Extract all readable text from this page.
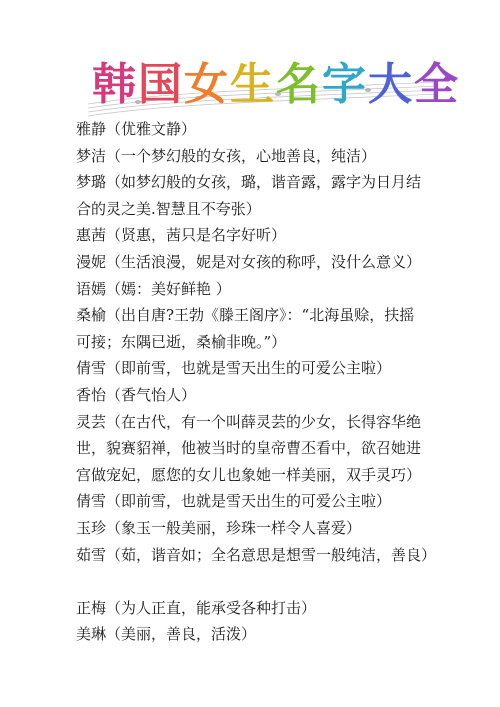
韩 国 女 生 名 字 大 全
雅静（优雅文静）
梦洁（一个梦幻般的女孩，心地善良，纯洁）
梦璐（如梦幻般的女孩，璐，谐音露，露字为日月结
合的灵之美.智慧且不夸张）
惠茜（贤惠，茜只是名字好听）
漫妮（生活浪漫，妮是对女孩的称呼，没什么意义）
语嫣（嫣：美好鲜艳 ）
桑榆（出自唐?王勃《滕王阁序》：“北海虽赊，扶摇
可接；东隅已逝，桑榆非晚。”）
倩雪（即前雪，也就是雪天出生的可爱公主啦）
香怡（香气怡人）
灵芸（在古代，有一个叫薛灵芸的少女，长得容华绝
世，貌赛貂禅，他被当时的皇帝曹丕看中，欲召她进
宫做宠妃，愿您的女儿也象她一样美丽，双手灵巧）
倩雪（即前雪，也就是雪天出生的可爱公主啦）
玉珍（象玉一般美丽，珍珠一样令人喜爱）
茹雪（茹，谐音如；全名意思是想雪一般纯洁，善良）
正梅（为人正直，能承受各种打击）
美琳（美丽，善良，活泼）
